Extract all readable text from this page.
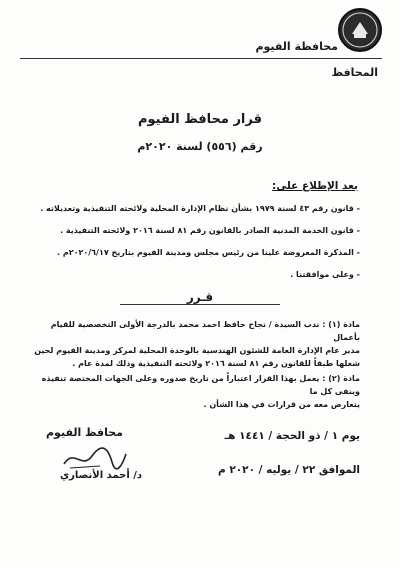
محافظة الفيوم
المحافظ
قرار محافظ الفيوم
رقم (٥٥٦) لسنة ٢٠٢٠م
بعد الإطلاع على:
- قانون رقم ٤٣ لسنة ١٩٧٩ بشأن نظام الإدارة المحلية ولائحته التنفيذية وتعديلاته .
- قانون الخدمة المدنية الصادر بالقانون رقم ٨١ لسنة ٢٠١٦ ولائحته التنفيذية .
- المذكرة المعروضة علينا من رئيس مجلس ومدينة الفيوم بتاريخ ٢٠٢٠/٦/١٧م .
- وعلى موافقتنا .
قـرر
مادة (١) : ندب السيدة / نجاح حافظ احمد محمد بالدرجة الأولى التخصصية للقيام بأعمال
مدير عام الإدارة العامة للشئون الهندسية بالوحدة المحلية لمركز ومدينة الفيوم لحين
شغلها طبقاً للقانون رقم ٨١ لسنة ٢٠١٦ ولائحته التنفيذية وذلك لمدة عام .
مادة (٢) : يعمل بهذا القرار اعتباراً من تاريخ صدوره وعلى الجهات المختصة تنفيذه وينفى كل ما
يتعارض معه من قرارات في هذا الشأن .
محافظ الفيوم
د/ أحمد الأنصاري
يوم ١ / ذو الحجة / ١٤٤١ هـ
الموافق ٢٢ / يوليه / ٢٠٢٠ م
